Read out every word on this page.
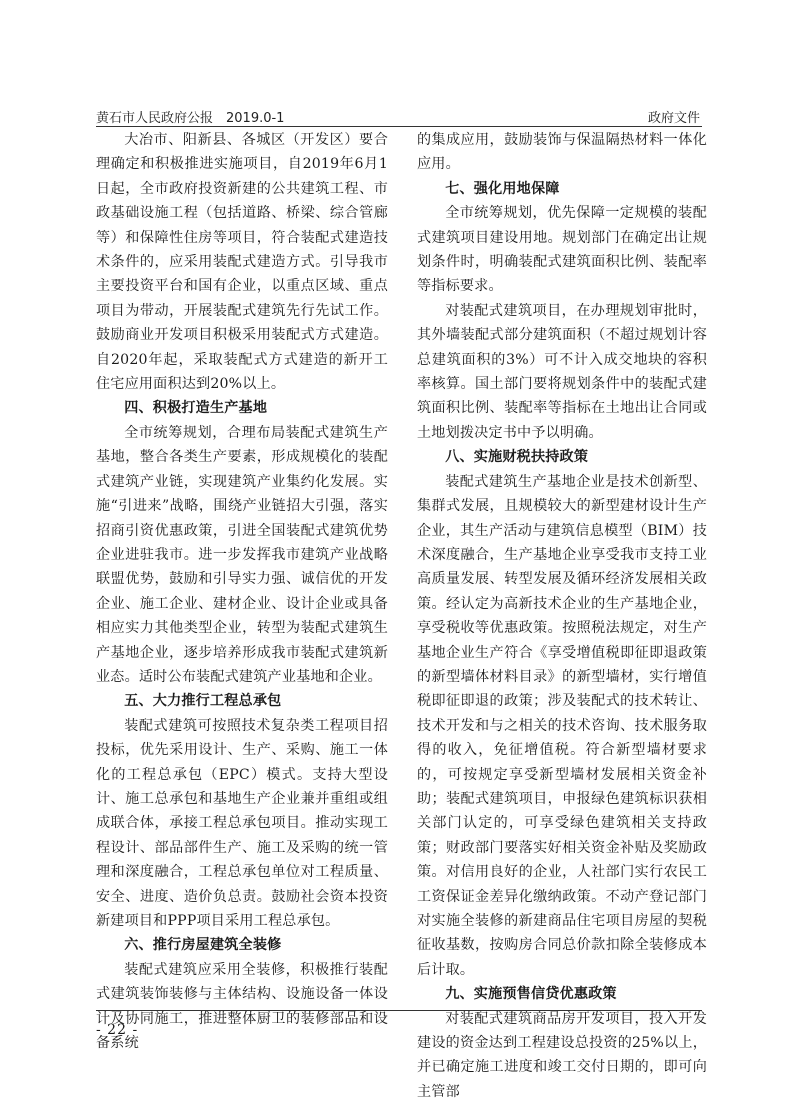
黄石市人民政府公报　2019.0-1	政府文件

大冶市、阳新县、各城区（开发区）要合理确定和积极推进实施项目，自2019年6月1日起，全市政府投资新建的公共建筑工程、市政基础设施工程（包括道路、桥梁、综合管廊等）和保障性住房等项目，符合装配式建造技术条件的，应采用装配式建造方式。引导我市主要投资平台和国有企业，以重点区域、重点项目为带动，开展装配式建筑先行先试工作。鼓励商业开发项目积极采用装配式方式建造。自2020年起，采取装配式方式建造的新开工住宅应用面积达到20%以上。

四、积极打造生产基地

全市统筹规划，合理布局装配式建筑生产基地，整合各类生产要素，形成规模化的装配式建筑产业链，实现建筑产业集约化发展。实施“引进来”战略，围绕产业链招大引强，落实招商引资优惠政策，引进全国装配式建筑优势企业进驻我市。进一步发挥我市建筑产业战略联盟优势，鼓励和引导实力强、诚信优的开发企业、施工企业、建材企业、设计企业或具备相应实力其他类型企业，转型为装配式建筑生产基地企业，逐步培养形成我市装配式建筑新业态。适时公布装配式建筑产业基地和企业。

五、大力推行工程总承包

装配式建筑可按照技术复杂类工程项目招投标，优先采用设计、生产、采购、施工一体化的工程总承包（EPC）模式。支持大型设计、施工总承包和基地生产企业兼并重组或组成联合体，承接工程总承包项目。推动实现工程设计、部品部件生产、施工及采购的统一管理和深度融合，工程总承包单位对工程质量、安全、进度、造价负总责。鼓励社会资本投资新建项目和PPP项目采用工程总承包。

六、推行房屋建筑全装修

装配式建筑应采用全装修，积极推行装配式建筑装饰装修与主体结构、设施设备一体设计及协同施工，推进整体厨卫的装修部品和设备系统

的集成应用，鼓励装饰与保温隔热材料一体化应用。

七、强化用地保障

全市统筹规划，优先保障一定规模的装配式建筑项目建设用地。规划部门在确定出让规划条件时，明确装配式建筑面积比例、装配率等指标要求。

对装配式建筑项目，在办理规划审批时，其外墙装配式部分建筑面积（不超过规划计容总建筑面积的3%）可不计入成交地块的容积率核算。国土部门要将规划条件中的装配式建筑面积比例、装配率等指标在土地出让合同或土地划拨决定书中予以明确。

八、实施财税扶持政策

装配式建筑生产基地企业是技术创新型、集群式发展，且规模较大的新型建材设计生产企业，其生产活动与建筑信息模型（BIM）技术深度融合，生产基地企业享受我市支持工业高质量发展、转型发展及循环经济发展相关政策。经认定为高新技术企业的生产基地企业，享受税收等优惠政策。按照税法规定，对生产基地企业生产符合《享受增值税即征即退政策的新型墙体材料目录》的新型墙材，实行增值税即征即退的政策；涉及装配式的技术转让、技术开发和与之相关的技术咨询、技术服务取得的收入，免征增值税。符合新型墙材要求的，可按规定享受新型墙材发展相关资金补助；装配式建筑项目，申报绿色建筑标识获相关部门认定的，可享受绿色建筑相关支持政策；财政部门要落实好相关资金补贴及奖励政策。对信用良好的企业，人社部门实行农民工工资保证金差异化缴纳政策。不动产登记部门对实施全装修的新建商品住宅项目房屋的契税征收基数，按购房合同总价款扣除全装修成本后计取。

九、实施预售信贷优惠政策

对装配式建筑商品房开发项目，投入开发建设的资金达到工程建设总投资的25%以上，并已确定施工进度和竣工交付日期的，即可向主管部

- 22 -
